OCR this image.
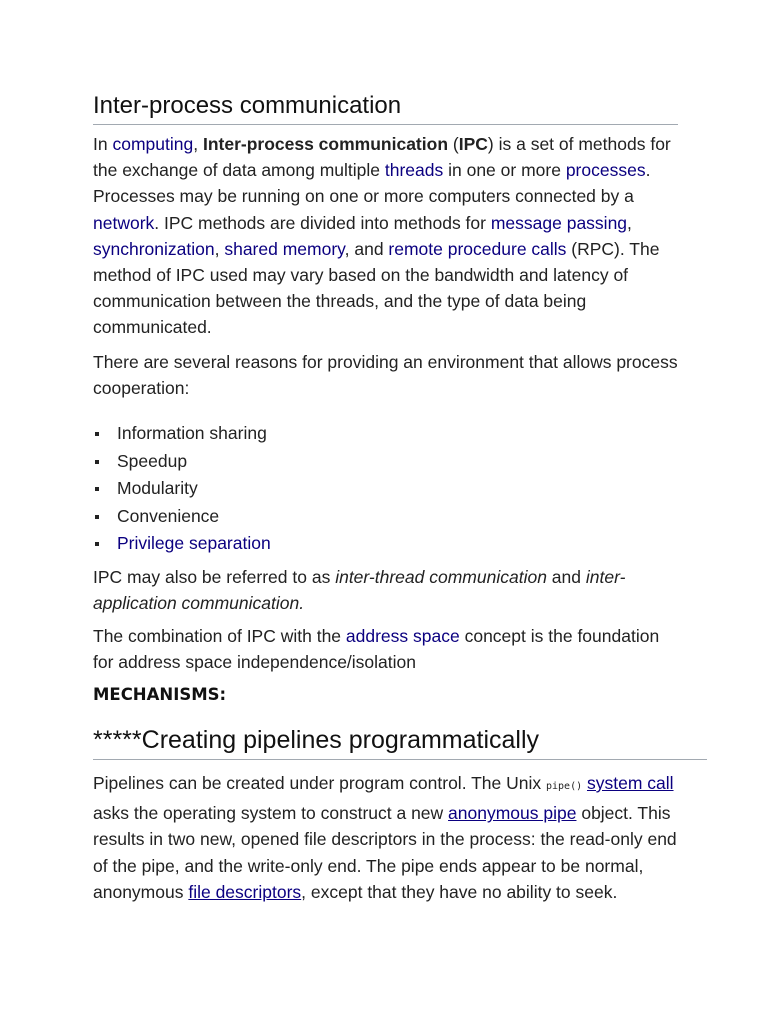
Inter-process communication

In computing, Inter-process communication (IPC) is a set of methods for the exchange of data among multiple threads in one or more processes. Processes may be running on one or more computers connected by a network. IPC methods are divided into methods for message passing, synchronization, shared memory, and remote procedure calls (RPC). The method of IPC used may vary based on the bandwidth and latency of communication between the threads, and the type of data being communicated.

There are several reasons for providing an environment that allows process cooperation:

Information sharing
Speedup
Modularity
Convenience
Privilege separation

IPC may also be referred to as inter-thread communication and inter-application communication.

The combination of IPC with the address space concept is the foundation for address space independence/isolation

MECHANISMS:
*****Creating pipelines programmatically

Pipelines can be created under program control. The Unix pipe() system call asks the operating system to construct a new anonymous pipe object. This results in two new, opened file descriptors in the process: the read-only end of the pipe, and the write-only end. The pipe ends appear to be normal, anonymous file descriptors, except that they have no ability to seek.
